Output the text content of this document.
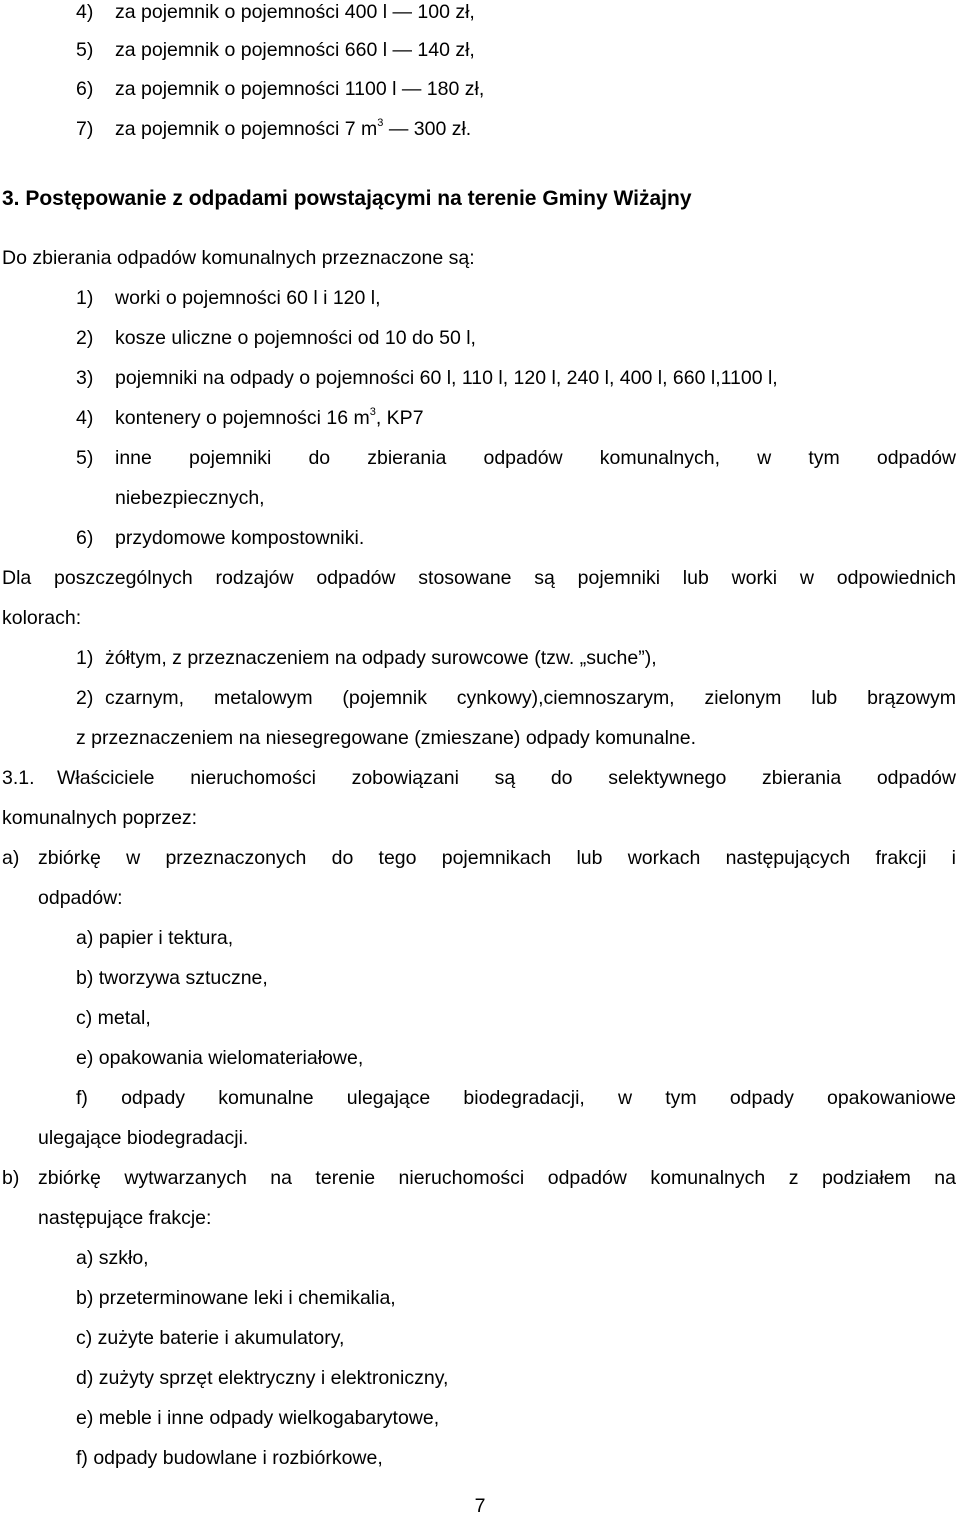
4) za pojemnik o pojemności 400 l — 100 zł,
5) za pojemnik o pojemności 660 l — 140 zł,
6) za pojemnik o pojemności 1100 l — 180 zł,
7) za pojemnik o pojemności 7 $m^3$ — 300 zł.
3. Postępowanie z odpadami powstającymi na terenie Gminy Wiżajny
Do zbierania odpadów komunalnych przeznaczone są:
1) worki o pojemności 60 l i 120 l,
2) kosze uliczne o pojemności od 10 do 50 l,
3) pojemniki na odpady o pojemności 60 l, 110 l, 120 l, 240 l, 400 l, 660 l,1100 l,
4) kontenery o pojemności 16 $m^3$, KP7
5)	inne pojemniki do zbierania odpadów komunalnych, w tym odpadów
niebezpiecznych,
6) przydomowe kompostowniki.
Dla poszczególnych rodzajów odpadów stosowane są pojemniki lub worki w odpowiednich
kolorach:
1) żółtym, z przeznaczeniem na odpady surowcowe (tzw. „suche”),
2) czarnym, metalowym (pojemnik cynkowy),ciemnoszarym, zielonym lub brązowym
z przeznaczeniem na niesegregowane (zmieszane) odpady komunalne.
3.1. Właściciele nieruchomości zobowiązani są do selektywnego zbierania odpadów
komunalnych poprzez:
a) zbiórkę w przeznaczonych do tego pojemnikach lub workach następujących frakcji i
odpadów:
a) papier i tektura,
b) tworzywa sztuczne,
c) metal,
e) opakowania wielomateriałowe,
f) odpady komunalne ulegające biodegradacji, w tym odpady opakowaniowe
ulegające biodegradacji.
b) zbiórkę wytwarzanych na terenie nieruchomości odpadów komunalnych z podziałem na
następujące frakcje:
a) szkło,
b) przeterminowane leki i chemikalia,
c) zużyte baterie i akumulatory,
d) zużyty sprzęt elektryczny i elektroniczny,
e) meble i inne odpady wielkogabarytowe,
f) odpady budowlane i rozbiórkowe,
7
